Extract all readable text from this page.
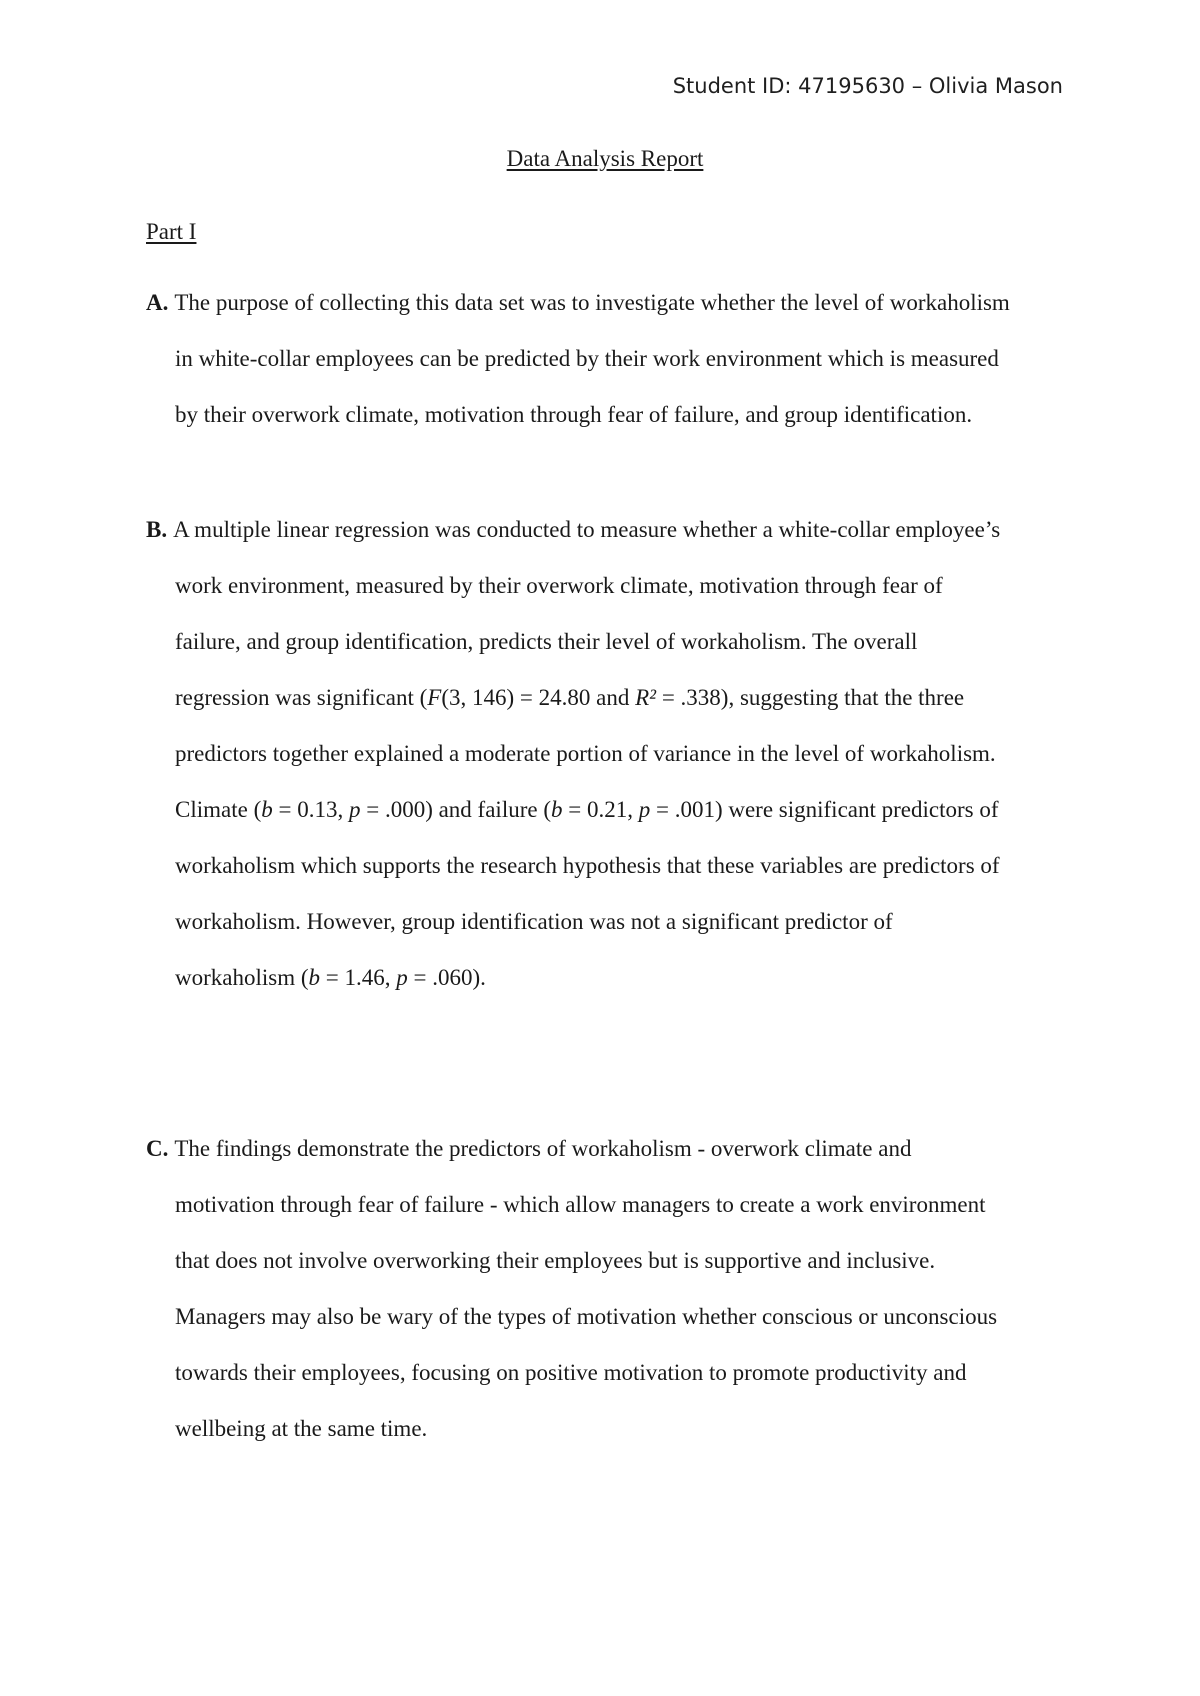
Student ID: 47195630 – Olivia Mason
Data Analysis Report
Part I
A. The purpose of collecting this data set was to investigate whether the level of workaholism
in white-collar employees can be predicted by their work environment which is measured
by their overwork climate, motivation through fear of failure, and group identification.
B. A multiple linear regression was conducted to measure whether a white-collar employee’s
work environment, measured by their overwork climate, motivation through fear of
failure, and group identification, predicts their level of workaholism. The overall
regression was significant (F(3, 146) = 24.80 and R² = .338), suggesting that the three
predictors together explained a moderate portion of variance in the level of workaholism.
Climate (b = 0.13, p = .000) and failure (b = 0.21, p = .001) were significant predictors of
workaholism which supports the research hypothesis that these variables are predictors of
workaholism. However, group identification was not a significant predictor of
workaholism (b = 1.46, p = .060).
C. The findings demonstrate the predictors of workaholism - overwork climate and
motivation through fear of failure - which allow managers to create a work environment
that does not involve overworking their employees but is supportive and inclusive.
Managers may also be wary of the types of motivation whether conscious or unconscious
towards their employees, focusing on positive motivation to promote productivity and
wellbeing at the same time.
